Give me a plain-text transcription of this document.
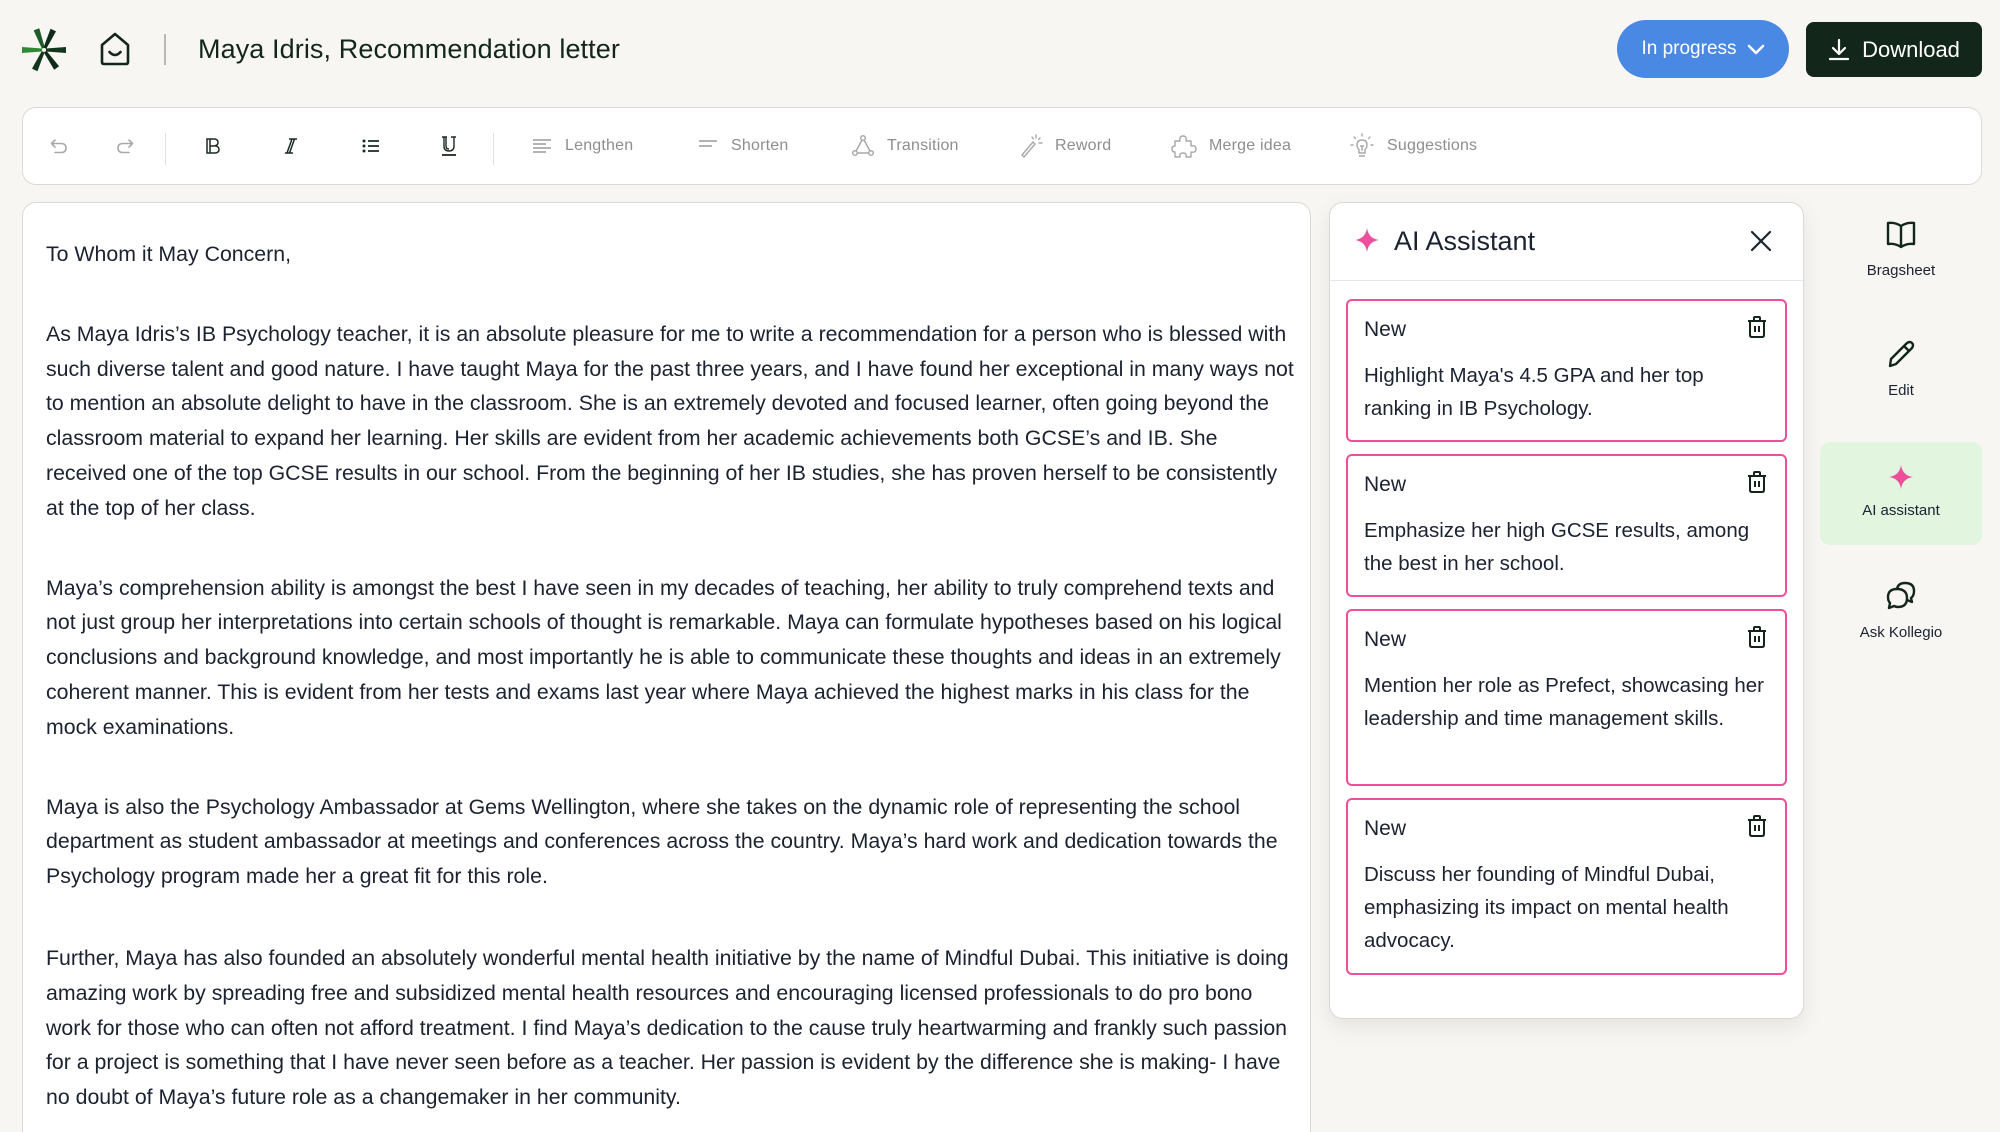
Maya Idris, Recommendation letter	In progress	Download
Lengthen	Shorten	Transition	Reword	Merge idea	Suggestions

To Whom it May Concern,

As Maya Idris’s IB Psychology teacher, it is an absolute pleasure for me to write a recommendation for a person who is blessed with such diverse talent and good nature. I have taught Maya for the past three years, and I have found her exceptional in many ways not to mention an absolute delight to have in the classroom. She is an extremely devoted and focused learner, often going beyond the classroom material to expand her learning. Her skills are evident from her academic achievements both GCSE’s and IB. She received one of the top GCSE results in our school. From the beginning of her IB studies, she has proven herself to be consistently at the top of her class.

Maya’s comprehension ability is amongst the best I have seen in my decades of teaching, her ability to truly comprehend texts and not just group her interpretations into certain schools of thought is remarkable. Maya can formulate hypotheses based on his logical conclusions and background knowledge, and most importantly he is able to communicate these thoughts and ideas in an extremely coherent manner. This is evident from her tests and exams last year where Maya achieved the highest marks in his class for the mock examinations.

Maya is also the Psychology Ambassador at Gems Wellington, where she takes on the dynamic role of representing the school department as student ambassador at meetings and conferences across the country. Maya’s hard work and dedication towards the Psychology program made her a great fit for this role.

Further, Maya has also founded an absolutely wonderful mental health initiative by the name of Mindful Dubai. This initiative is doing amazing work by spreading free and subsidized mental health resources and encouraging licensed professionals to do pro bono work for those who can often not afford treatment. I find Maya’s dedication to the cause truly heartwarming and frankly such passion for a project is something that I have never seen before as a teacher. Her passion is evident by the difference she is making- I have no doubt of Maya’s future role as a changemaker in her community.

AI Assistant
New
Highlight Maya's 4.5 GPA and her top ranking in IB Psychology.
New
Emphasize her high GCSE results, among the best in her school.
New
Mention her role as Prefect, showcasing her leadership and time management skills.
New
Discuss her founding of Mindful Dubai, emphasizing its impact on mental health advocacy.
Bragsheet
Edit
AI assistant
Ask Kollegio
